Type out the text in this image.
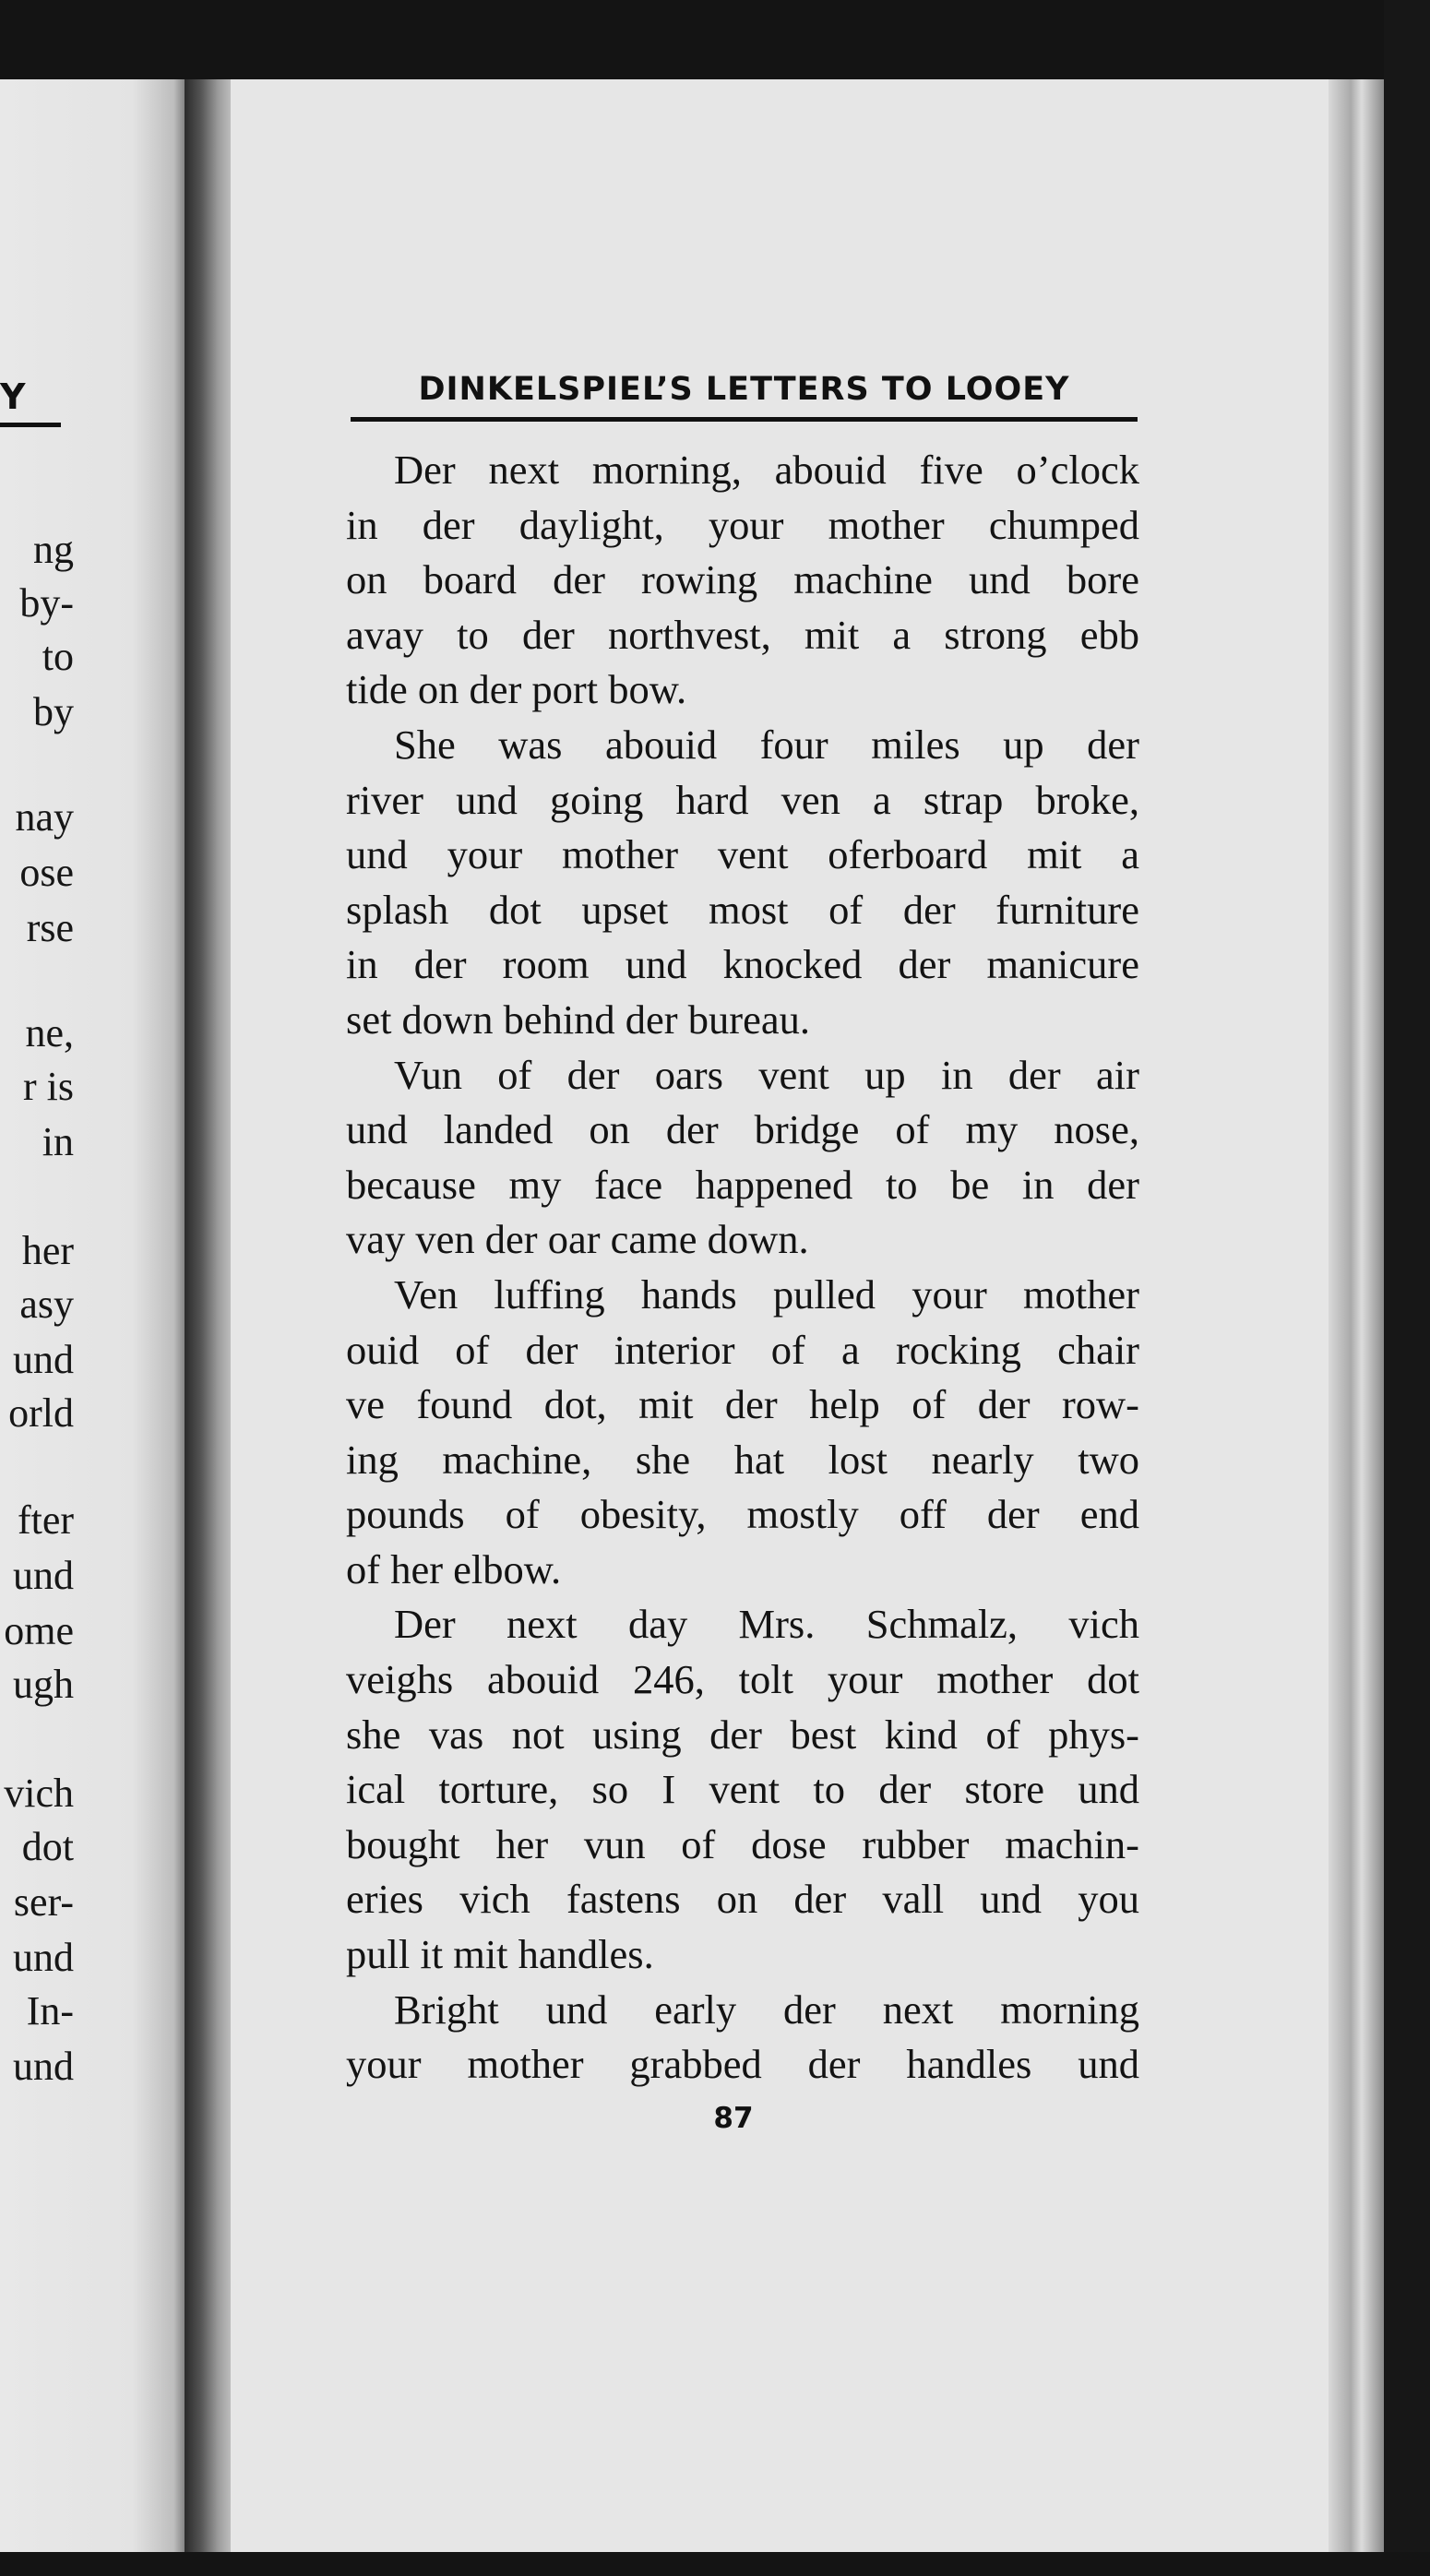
Y
ng
by-
to
by
nay
ose
rse
ne,
r is
in
her
asy
und
orld
fter
und
ome
ugh
vich
dot
ser-
und
In-
und
DINKELSPIEL’S LETTERS TO LOOEY
Der next morning, abouid five o’clock
in der daylight, your mother chumped
on board der rowing machine und bore
avay to der northvest, mit a strong ebb
tide on der port bow.
She was abouid four miles up der
river und going hard ven a strap broke,
und your mother vent oferboard mit a
splash dot upset most of der furniture
in der room und knocked der manicure
set down behind der bureau.
Vun of der oars vent up in der air
und landed on der bridge of my nose,
because my face happened to be in der
vay ven der oar came down.
Ven luffing hands pulled your mother
ouid of der interior of a rocking chair
ve found dot, mit der help of der row-
ing machine, she hat lost nearly two
pounds of obesity, mostly off der end
of her elbow.
Der next day Mrs. Schmalz, vich
veighs abouid 246, tolt your mother dot
she vas not using der best kind of phys-
ical torture, so I vent to der store und
bought her vun of dose rubber machin-
eries vich fastens on der vall und you
pull it mit handles.
Bright und early der next morning
your mother grabbed der handles und
87
